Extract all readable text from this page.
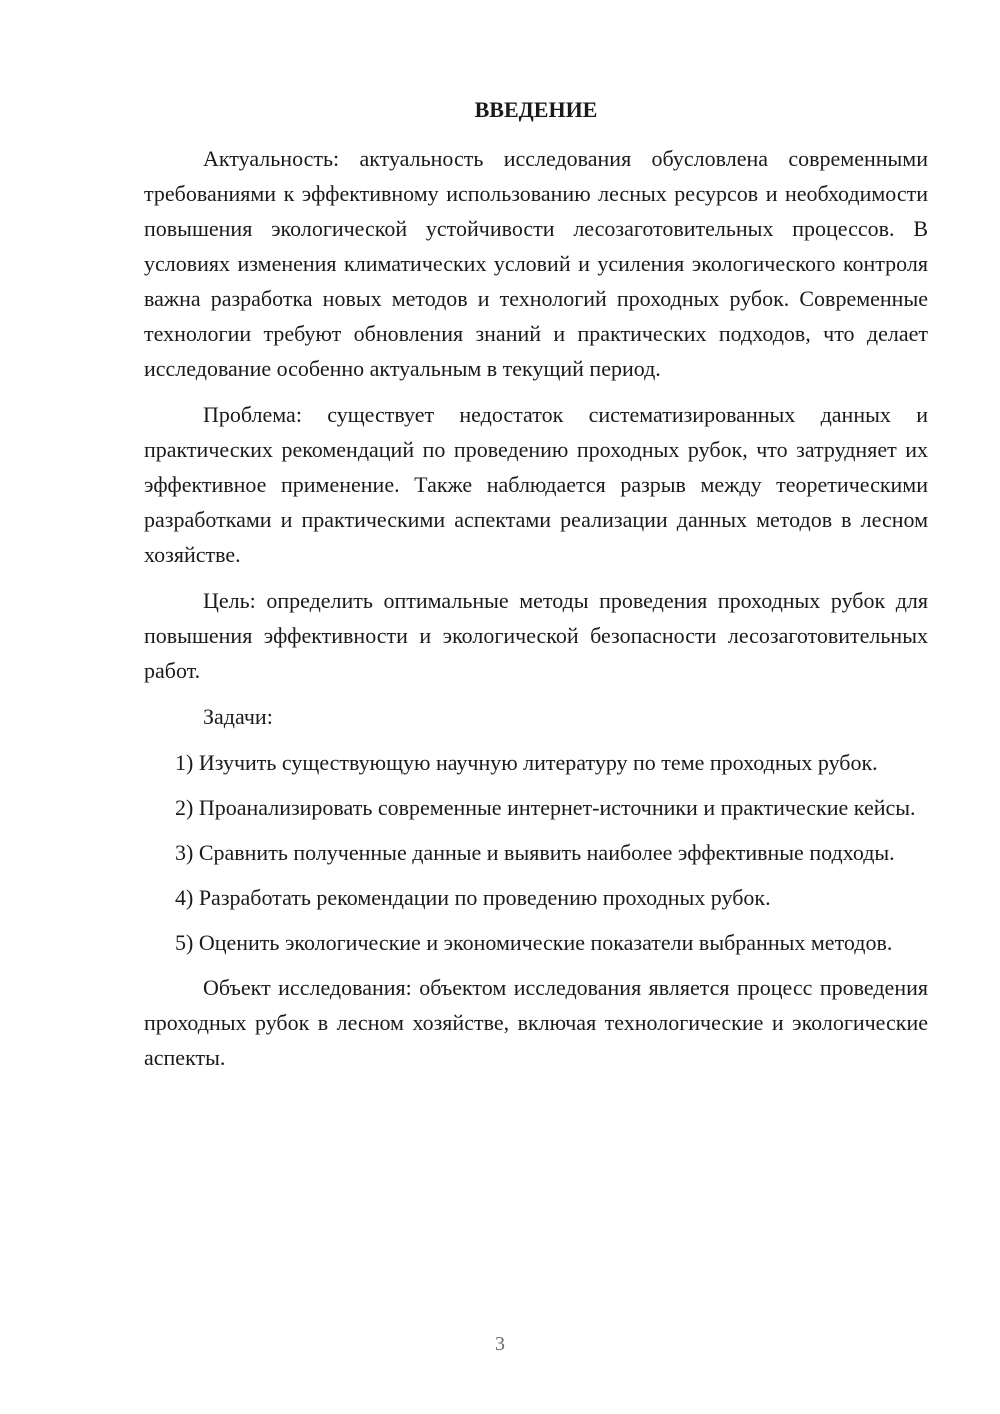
ВВЕДЕНИЕ

Актуальность: актуальность исследования обусловлена современными требованиями к эффективному использованию лесных ресурсов и необходимости повышения экологической устойчивости лесозаготовительных процессов. В условиях изменения климатических условий и усиления экологического контроля важна разработка новых методов и технологий проходных рубок. Современные технологии требуют обновления знаний и практических подходов, что делает исследование особенно актуальным в текущий период.

Проблема: существует недостаток систематизированных данных и практических рекомендаций по проведению проходных рубок, что затрудняет их эффективное применение. Также наблюдается разрыв между теоретическими разработками и практическими аспектами реализации данных методов в лесном хозяйстве.

Цель: определить оптимальные методы проведения проходных рубок для повышения эффективности и экологической безопасности лесозаготовительных работ.

Задачи:

1) Изучить существующую научную литературу по теме проходных рубок.

2) Проанализировать современные интернет-источники и практические кейсы.

3) Сравнить полученные данные и выявить наиболее эффективные подходы.

4) Разработать рекомендации по проведению проходных рубок.

5) Оценить экологические и экономические показатели выбранных методов.

Объект исследования: объектом исследования является процесс проведения проходных рубок в лесном хозяйстве, включая технологические и экологические аспекты.

3
